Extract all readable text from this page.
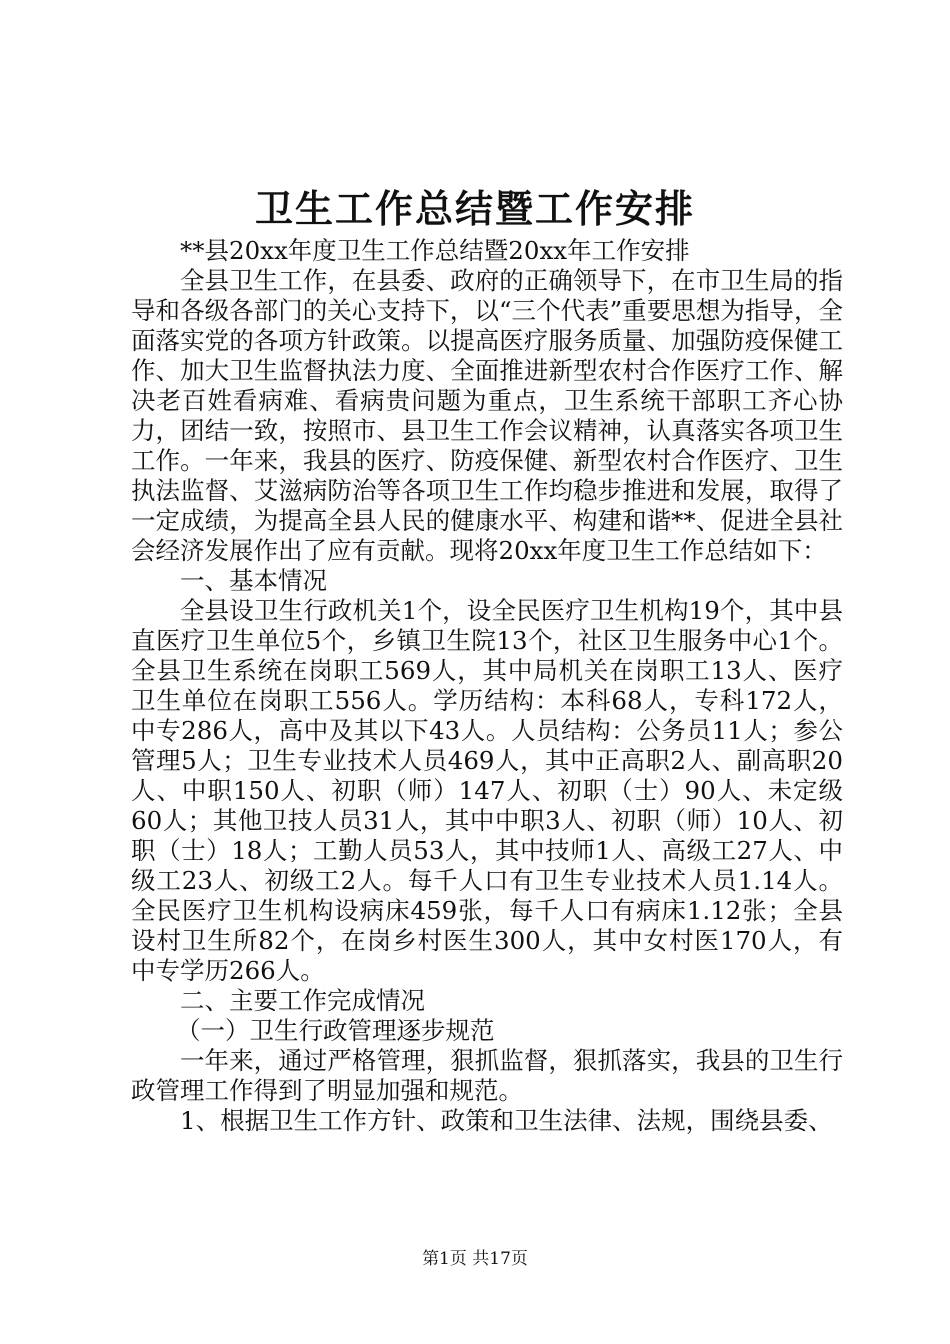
卫生工作总结暨工作安排

**县20xx年度卫生工作总结暨20xx年工作安排

全县卫生工作，在县委、政府的正确领导下，在市卫生局的指导和各级各部门的关心支持下，以“三个代表”重要思想为指导，全面落实党的各项方针政策。以提高医疗服务质量、加强防疫保健工作、加大卫生监督执法力度、全面推进新型农村合作医疗工作、解决老百姓看病难、看病贵问题为重点，卫生系统干部职工齐心协力，团结一致，按照市、县卫生工作会议精神，认真落实各项卫生工作。一年来，我县的医疗、防疫保健、新型农村合作医疗、卫生执法监督、艾滋病防治等各项卫生工作均稳步推进和发展，取得了一定成绩，为提高全县人民的健康水平、构建和谐**、促进全县社会经济发展作出了应有贡献。现将20xx年度卫生工作总结如下：

一、基本情况

全县设卫生行政机关1个，设全民医疗卫生机构19个，其中县直医疗卫生单位5个，乡镇卫生院13个，社区卫生服务中心1个。全县卫生系统在岗职工569人，其中局机关在岗职工13人、医疗卫生单位在岗职工556人。学历结构：本科68人，专科172人，中专286人，高中及其以下43人。人员结构：公务员11人；参公管理5人；卫生专业技术人员469人，其中正高职2人、副高职20人、中职150人、初职（师）147人、初职（士）90人、未定级60人；其他卫技人员31人，其中中职3人、初职（师）10人、初职（士）18人；工勤人员53人，其中技师1人、高级工27人、中级工23人、初级工2人。每千人口有卫生专业技术人员1.14人。全民医疗卫生机构设病床459张，每千人口有病床1.12张；全县设村卫生所82个，在岗乡村医生300人，其中女村医170人，有中专学历266人。

二、主要工作完成情况

（一）卫生行政管理逐步规范

一年来，通过严格管理，狠抓监督，狠抓落实，我县的卫生行政管理工作得到了明显加强和规范。

1、根据卫生工作方针、政策和卫生法律、法规，围绕县委、

第1页 共17页
